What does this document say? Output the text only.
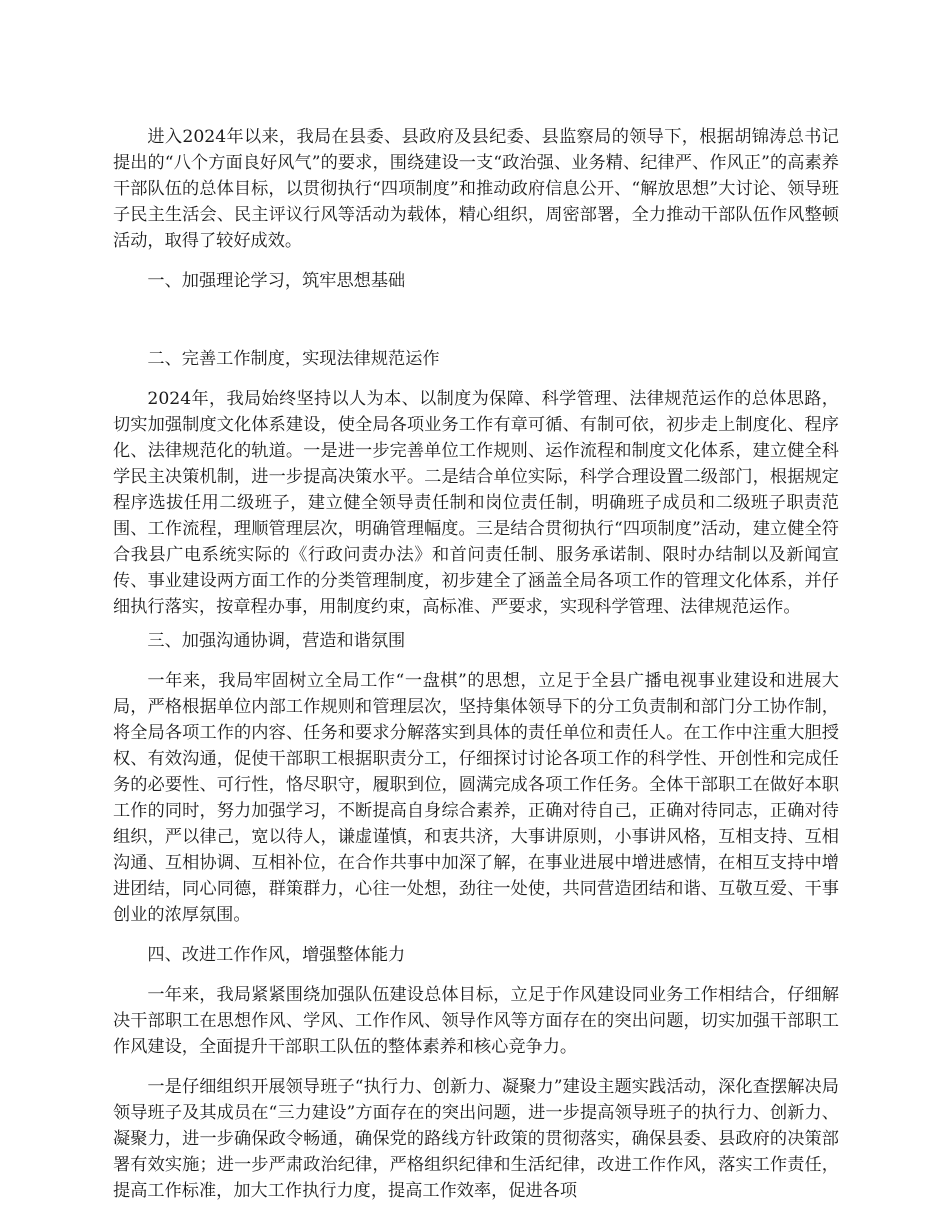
进入2024年以来，我局在县委、县政府及县纪委、县监察局的领导下，根据胡锦涛总书记提出的“八个方面良好风气”的要求，围绕建设一支“政治强、业务精、纪律严、作风正”的高素养干部队伍的总体目标，以贯彻执行“四项制度”和推动政府信息公开、“解放思想”大讨论、领导班子民主生活会、民主评议行风等活动为载体，精心组织，周密部署，全力推动干部队伍作风整顿活动，取得了较好成效。

一、加强理论学习，筑牢思想基础

二、完善工作制度，实现法律规范运作

2024年，我局始终坚持以人为本、以制度为保障、科学管理、法律规范运作的总体思路，切实加强制度文化体系建设，使全局各项业务工作有章可循、有制可依，初步走上制度化、程序化、法律规范化的轨道。一是进一步完善单位工作规则、运作流程和制度文化体系，建立健全科学民主决策机制，进一步提高决策水平。二是结合单位实际，科学合理设置二级部门，根据规定程序选拔任用二级班子，建立健全领导责任制和岗位责任制，明确班子成员和二级班子职责范围、工作流程，理顺管理层次，明确管理幅度。三是结合贯彻执行“四项制度”活动，建立健全符合我县广电系统实际的《行政问责办法》和首问责任制、服务承诺制、限时办结制以及新闻宣传、事业建设两方面工作的分类管理制度，初步建全了涵盖全局各项工作的管理文化体系，并仔细执行落实，按章程办事，用制度约束，高标准、严要求，实现科学管理、法律规范运作。

三、加强沟通协调，营造和谐氛围

一年来，我局牢固树立全局工作“一盘棋”的思想，立足于全县广播电视事业建设和进展大局，严格根据单位内部工作规则和管理层次，坚持集体领导下的分工负责制和部门分工协作制，将全局各项工作的内容、任务和要求分解落实到具体的责任单位和责任人。在工作中注重大胆授权、有效沟通，促使干部职工根据职责分工，仔细探讨讨论各项工作的科学性、开创性和完成任务的必要性、可行性，恪尽职守，履职到位，圆满完成各项工作任务。全体干部职工在做好本职工作的同时，努力加强学习，不断提高自身综合素养，正确对待自己，正确对待同志，正确对待组织，严以律己，宽以待人，谦虚谨慎，和衷共济，大事讲原则，小事讲风格，互相支持、互相沟通、互相协调、互相补位，在合作共事中加深了解，在事业进展中增进感情，在相互支持中增进团结，同心同德，群策群力，心往一处想，劲往一处使，共同营造团结和谐、互敬互爱、干事创业的浓厚氛围。

四、改进工作作风，增强整体能力

一年来，我局紧紧围绕加强队伍建设总体目标，立足于作风建设同业务工作相结合，仔细解决干部职工在思想作风、学风、工作作风、领导作风等方面存在的突出问题，切实加强干部职工作风建设，全面提升干部职工队伍的整体素养和核心竞争力。

一是仔细组织开展领导班子“执行力、创新力、凝聚力”建设主题实践活动，深化查摆解决局领导班子及其成员在“三力建设”方面存在的突出问题，进一步提高领导班子的执行力、创新力、凝聚力，进一步确保政令畅通，确保党的路线方针政策的贯彻落实，确保县委、县政府的决策部署有效实施；进一步严肃政治纪律，严格组织纪律和生活纪律，改进工作作风，落实工作责任，提高工作标准，加大工作执行力度，提高工作效率，促进各项
